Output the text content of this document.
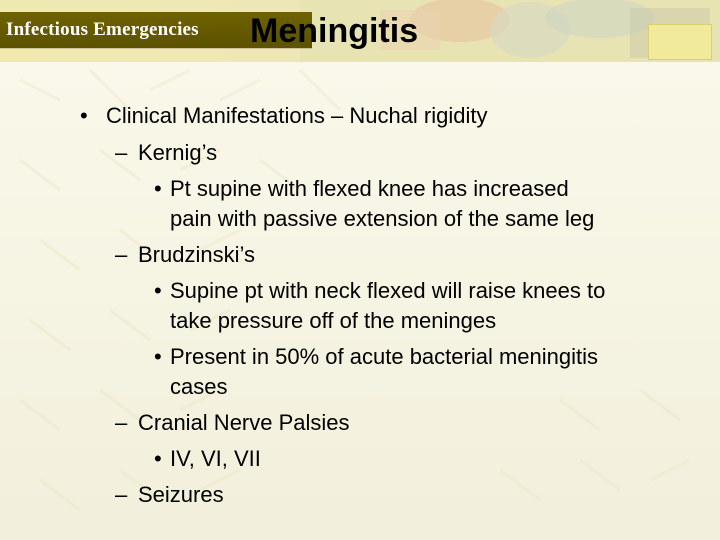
Infectious Emergencies Meningitis
• Clinical Manifestations – Nuchal rigidity
– Kernig’s
• Pt supine with flexed knee has increased
pain with passive extension of the same leg
– Brudzinski’s
• Supine pt with neck flexed will raise knees to
take pressure off of the meninges
• Present in 50% of acute bacterial meningitis
cases
– Cranial Nerve Palsies
• IV, VI, VII
– Seizures
